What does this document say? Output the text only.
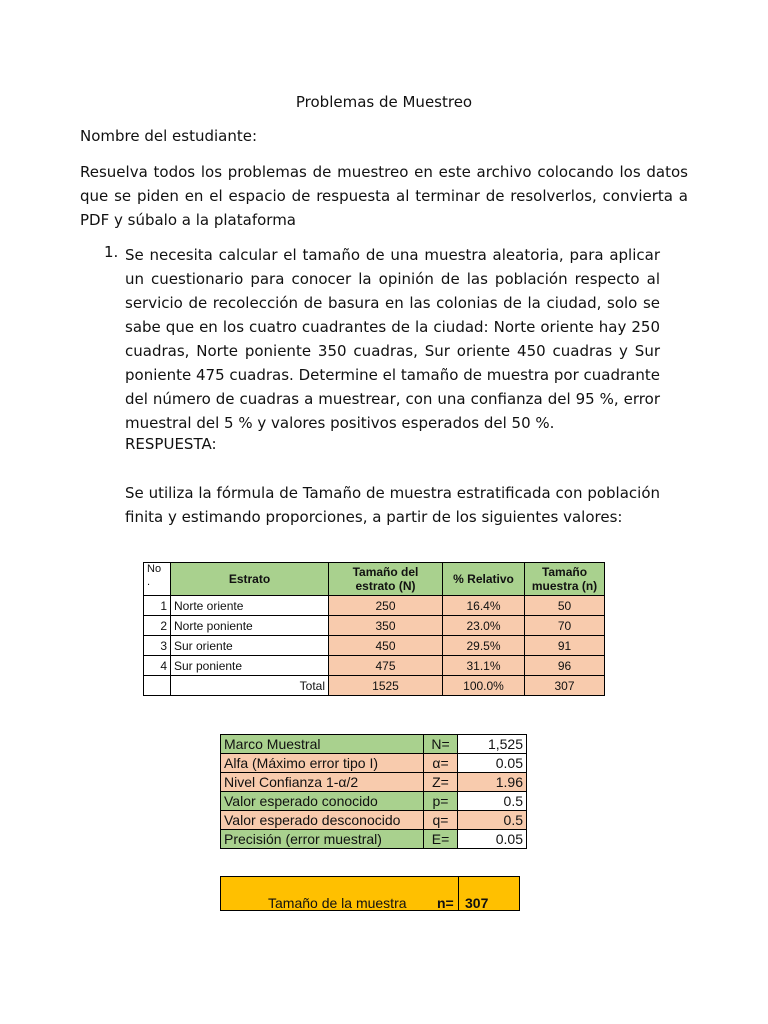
Problemas de Muestreo
Nombre del estudiante:
Resuelva todos los problemas de muestreo en este archivo colocando los datos que se piden en el espacio de respuesta al terminar de resolverlos, convierta a PDF y súbalo a la plataforma
1. Se necesita calcular el tamaño de una muestra aleatoria, para aplicar un cuestionario para conocer la opinión de las población respecto al servicio de recolección de basura en las colonias de la ciudad, solo se sabe que en los cuatro cuadrantes de la ciudad: Norte oriente hay 250 cuadras, Norte poniente 350 cuadras, Sur oriente 450 cuadras y Sur poniente 475 cuadras. Determine el tamaño de muestra por cuadrante del número de cuadras a muestrear, con una confianza del 95 %, error muestral del 5 % y valores positivos esperados del 50 %.
RESPUESTA:
Se utiliza la fórmula de Tamaño de muestra estratificada con población finita y estimando proporciones, a partir de los siguientes valores:
No .	Estrato	Tamaño del estrato (N)	% Relativo	Tamaño muestra (n)
1	Norte oriente	250	16.4%	50
2	Norte poniente	350	23.0%	70
3	Sur oriente	450	29.5%	91
4	Sur poniente	475	31.1%	96
	Total	1525	100.0%	307
Marco Muestral	N=	1,525
Alfa (Máximo error tipo I)	α=	0.05
Nivel Confianza 1-α/2	Z=	1.96
Valor esperado conocido	p=	0.5
Valor esperado desconocido	q=	0.5
Precisión (error muestral)	E=	0.05
Tamaño de la muestra n= 307
